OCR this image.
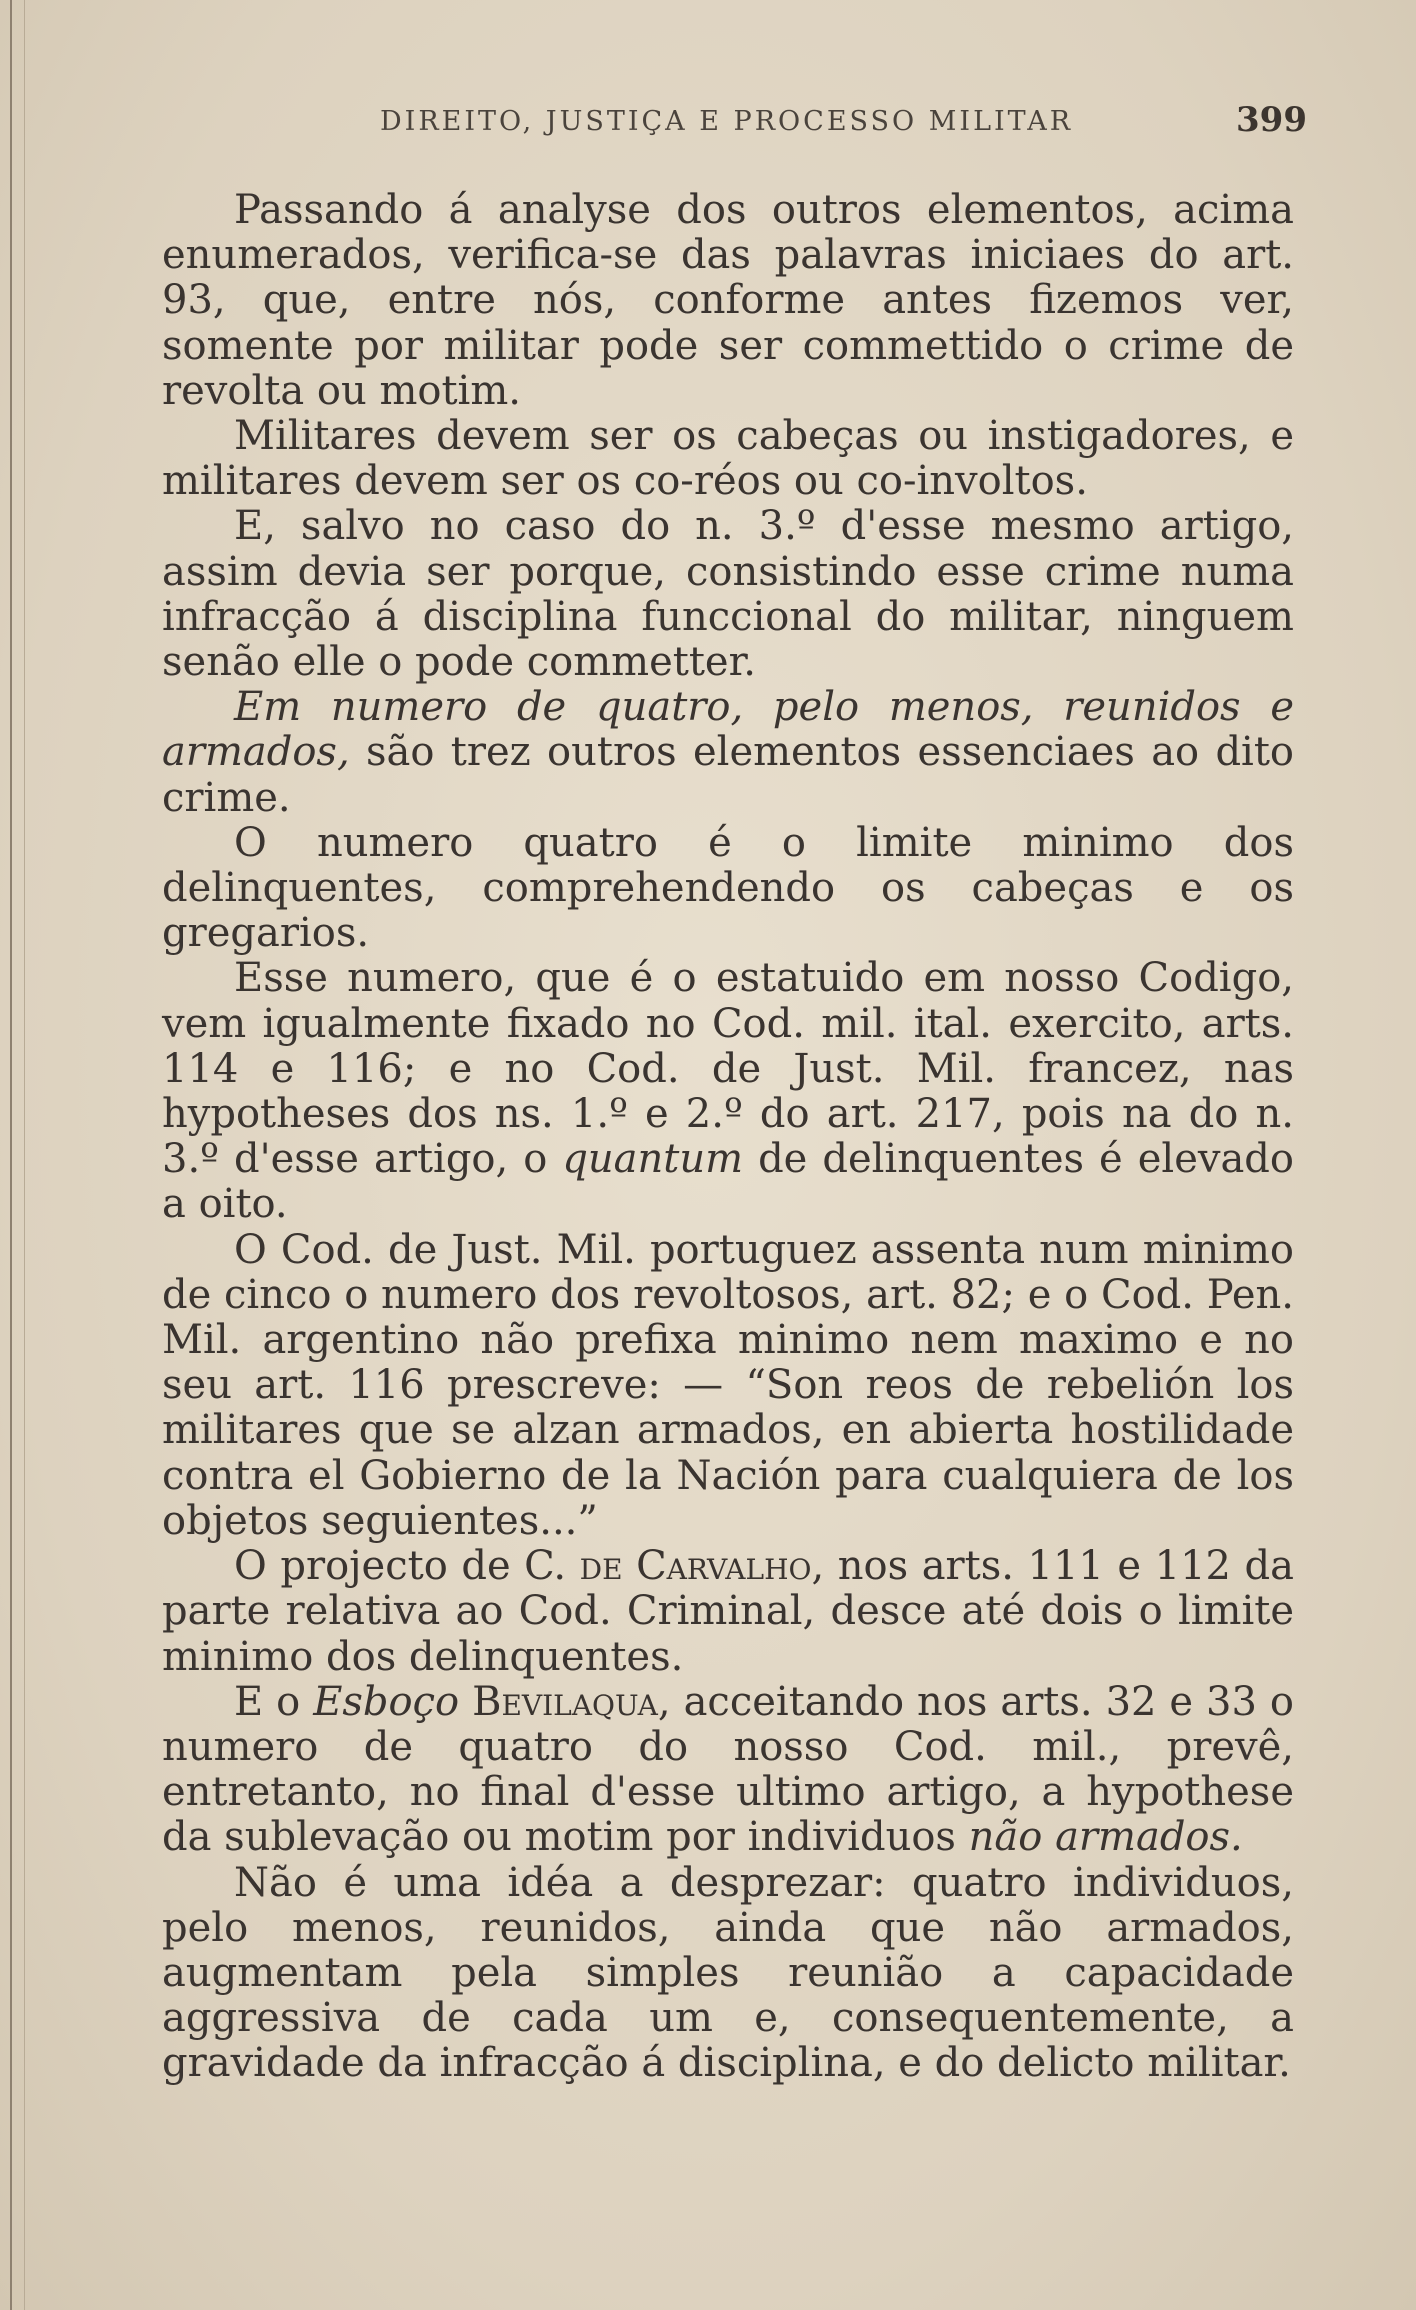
DIREITO, JUSTIÇA E PROCESSO MILITAR	399

Passando á analyse dos outros elementos, acima enumerados, verifica-se das palavras iniciaes do art. 93, que, entre nós, conforme antes fizemos ver, somente por militar pode ser commettido o crime de revolta ou motim.

Militares devem ser os cabeças ou instigadores, e militares devem ser os co-réos ou co-involtos.

E, salvo no caso do n. 3.º d'esse mesmo artigo, assim devia ser porque, consistindo esse crime numa infracção á disciplina funccional do militar, ninguem senão elle o pode commetter.

Em numero de quatro, pelo menos, reunidos e armados, são trez outros elementos essenciaes ao dito crime.

O numero quatro é o limite minimo dos delinquentes, comprehendendo os cabeças e os gregarios.

Esse numero, que é o estatuido em nosso Codigo, vem igualmente fixado no Cod. mil. ital. exercito, arts. 114 e 116; e no Cod. de Just. Mil. francez, nas hypotheses dos ns. 1.º e 2.º do art. 217, pois na do n. 3.º d'esse artigo, o quantum de delinquentes é elevado a oito.

O Cod. de Just. Mil. portuguez assenta num minimo de cinco o numero dos revoltosos, art. 82; e o Cod. Pen. Mil. argentino não prefixa minimo nem maximo e no seu art. 116 prescreve: — “Son reos de rebelión los militares que se alzan armados, en abierta hostilidade contra el Gobierno de la Nación para cualquiera de los objetos seguientes...”

O projecto de C. de Carvalho, nos arts. 111 e 112 da parte relativa ao Cod. Criminal, desce até dois o limite minimo dos delinquentes.

E o Esboço Bevilaqua, acceitando nos arts. 32 e 33 o numero de quatro do nosso Cod. mil., prevê, entretanto, no final d'esse ultimo artigo, a hypothese da sublevação ou motim por individuos não armados.

Não é uma idéa a desprezar: quatro individuos, pelo menos, reunidos, ainda que não armados, augmentam pela simples reunião a capacidade aggressiva de cada um e, consequentemente, a gravidade da infracção á disciplina, e do delicto militar.
